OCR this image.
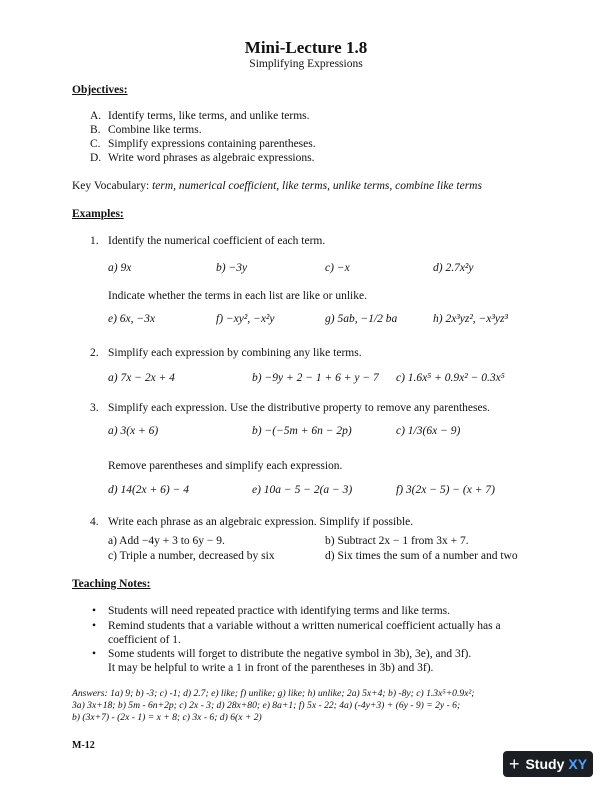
Mini-Lecture 1.8
Simplifying Expressions
Objectives:
A. Identify terms, like terms, and unlike terms.
B. Combine like terms.
C. Simplify expressions containing parentheses.
D. Write word phrases as algebraic expressions.
Key Vocabulary: term, numerical coefficient, like terms, unlike terms, combine like terms
Examples:
1. Identify the numerical coefficient of each term.
a) 9x	b) −3y	c) −x	d) 2.7x²y
Indicate whether the terms in each list are like or unlike.
e) 6x, −3x	f) −xy², −x²y	g) 5ab, −1/2 ba	h) 2x³yz², −x³yz³
2. Simplify each expression by combining any like terms.
a) 7x − 2x + 4	b) −9y + 2 − 1 + 6 + y − 7 c) 1.6x⁵ + 0.9x² − 0.3x⁵
3. Simplify each expression. Use the distributive property to remove any parentheses.
a) 3(x + 6)	b) −(−5m + 6n − 2p)	c) 1/3(6x − 9)
Remove parentheses and simplify each expression.
d) 14(2x + 6) − 4	e) 10a − 5 − 2(a − 3)	f) 3(2x − 5) − (x + 7)
4. Write each phrase as an algebraic expression. Simplify if possible.
a) Add −4y + 3 to 6y − 9.	b) Subtract 2x − 1 from 3x + 7.
c) Triple a number, decreased by six	d) Six times the sum of a number and two
Teaching Notes:
• Students will need repeated practice with identifying terms and like terms.
• Remind students that a variable without a written numerical coefficient actually has a
coefficient of 1.
• Some students will forget to distribute the negative symbol in 3b), 3e), and 3f).
It may be helpful to write a 1 in front of the parentheses in 3b) and 3f).
Answers: 1a) 9; b) -3; c) -1; d) 2.7; e) like; f) unlike; g) like; h) unlike; 2a) 5x+4; b) -8y; c) 1.3x⁵+0.9x²;
3a) 3x+18; b) 5m - 6n+2p; c) 2x - 3; d) 28x+80; e) 8a+1; f) 5x - 22; 4a) (-4y+3) + (6y - 9) = 2y - 6;
b) (3x+7) - (2x - 1) = x + 8; c) 3x - 6; d) 6(x + 2)
M-12
+ Study XY
